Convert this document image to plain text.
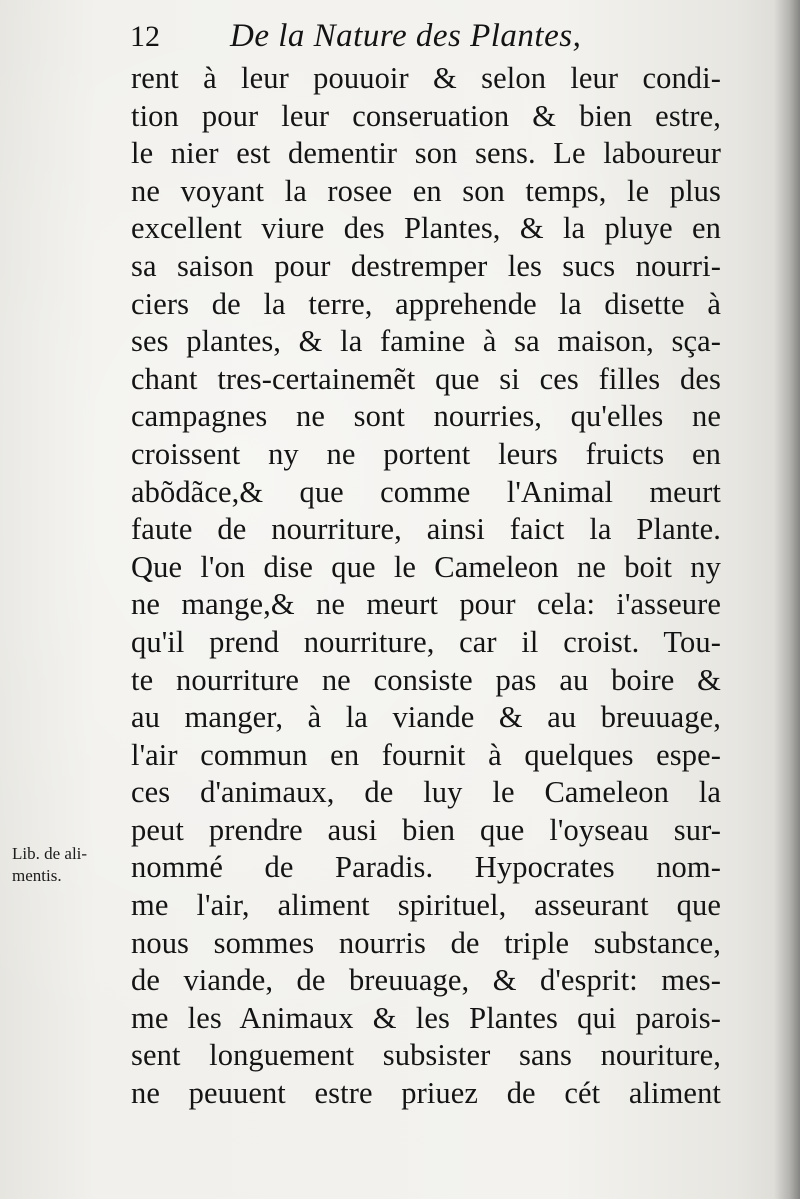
12 De la Nature des Plantes,
rent à leur pouuoir & selon leur condi-
tion pour leur conseruation & bien estre,
le nier est dementir son sens. Le laboureur
ne voyant la rosee en son temps, le plus
excellent viure des Plantes, & la pluye en
sa saison pour destremper les sucs nourri-
ciers de la terre, apprehende la disette à
ses plantes, & la famine à sa maison, sça-
chant tres-certainemẽt que si ces filles des
campagnes ne sont nourries, qu'elles ne
croissent ny ne portent leurs fruicts en
abõdãce,& que comme l'Animal meurt
faute de nourriture, ainsi faict la Plante.
Que l'on dise que le Cameleon ne boit ny
ne mange,& ne meurt pour cela: i'asseure
qu'il prend nourriture, car il croist. Tou-
te nourriture ne consiste pas au boire &
au manger, à la viande & au breuuage,
l'air commun en fournit à quelques espe-
ces d'animaux, de luy le Cameleon la
peut prendre ausi bien que l'oyseau sur-
nommé de Paradis. Hypocrates nom-
me l'air, aliment spirituel, asseurant que
nous sommes nourris de triple substance,
de viande, de breuuage, & d'esprit: mes-
me les Animaux & les Plantes qui parois-
sent longuement subsister sans nouriture,
ne peuuent estre priuez de cét aliment
Lib. de ali-
mentis.
